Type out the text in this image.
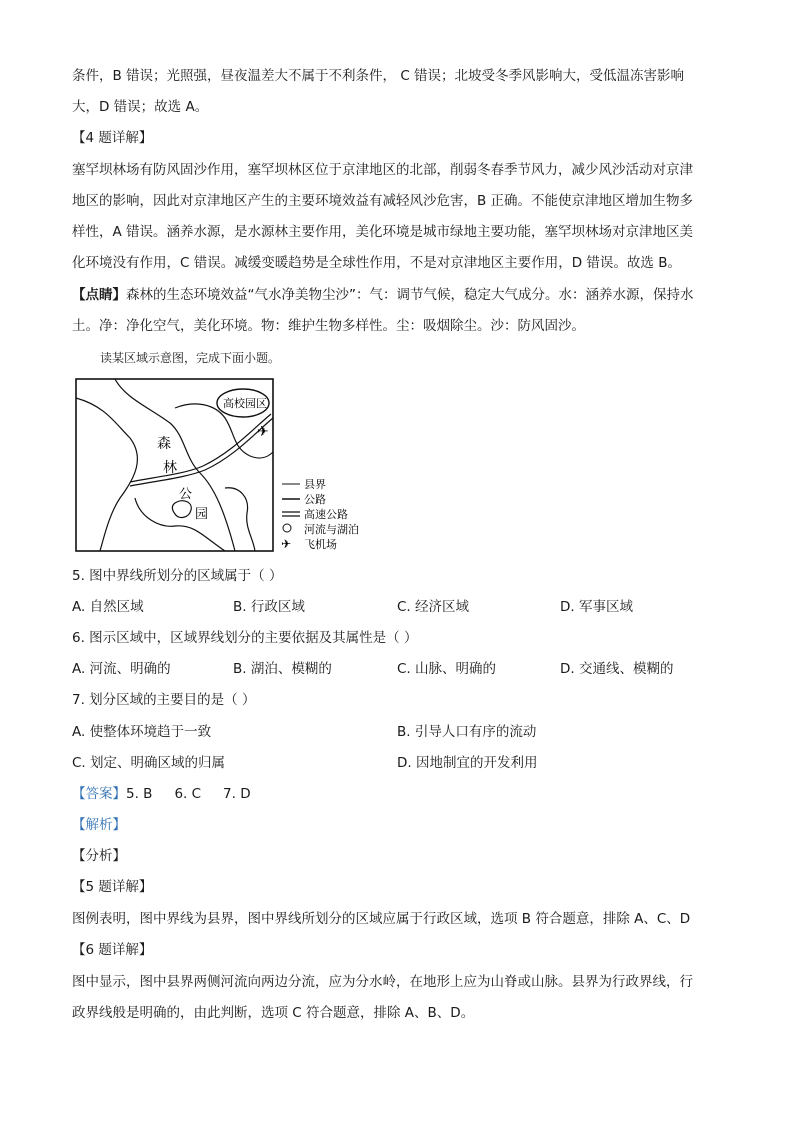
条件，B 错误；光照强，昼夜温差大不属于不利条件， C 错误；北坡受冬季风影响大，受低温冻害影响
大，D 错误；故选 A。
【4 题详解】
塞罕坝林场有防风固沙作用，塞罕坝林区位于京津地区的北部，削弱冬春季节风力，减少风沙活动对京津
地区的影响，因此对京津地区产生的主要环境效益有减轻风沙危害，B 正确。不能使京津地区增加生物多
样性，A 错误。涵养水源，是水源林主要作用，美化环境是城市绿地主要功能，塞罕坝林场对京津地区美
化环境没有作用，C 错误。减缓变暖趋势是全球性作用，不是对京津地区主要作用，D 错误。故选 B。
【点睛】森林的生态环境效益“气水净美物尘沙”：气：调节气候，稳定大气成分。水：涵养水源，保持水
土。净：净化空气，美化环境。物：维护生物多样性。尘：吸烟除尘。沙：防风固沙。
读某区域示意图，完成下面小题。
✈
高校园区
森
林
公
园
县界
公路
高速公路
河流与湖泊
✈ 飞机场
5. 图中界线所划分的区域属于（ ）
A. 自然区域	B. 行政区域	C. 经济区域	D. 军事区域
6. 图示区域中，区域界线划分的主要依据及其属性是（ ）
A. 河流、明确的	B. 湖泊、模糊的	C. 山脉、明确的	D. 交通线、模糊的
7. 划分区域的主要目的是（ ）
A. 使整体环境趋于一致	B. 引导人口有序的流动
C. 划定、明确区域的归属	D. 因地制宜的开发利用
【答案】5. B 6. C 7. D
【解析】
【分析】
【5 题详解】
图例表明，图中界线为县界，图中界线所划分的区域应属于行政区域，选项 B 符合题意，排除 A、C、D
【6 题详解】
图中显示，图中县界两侧河流向两边分流，应为分水岭，在地形上应为山脊或山脉。县界为行政界线，行
政界线般是明确的，由此判断，选项 C 符合题意，排除 A、B、D。
